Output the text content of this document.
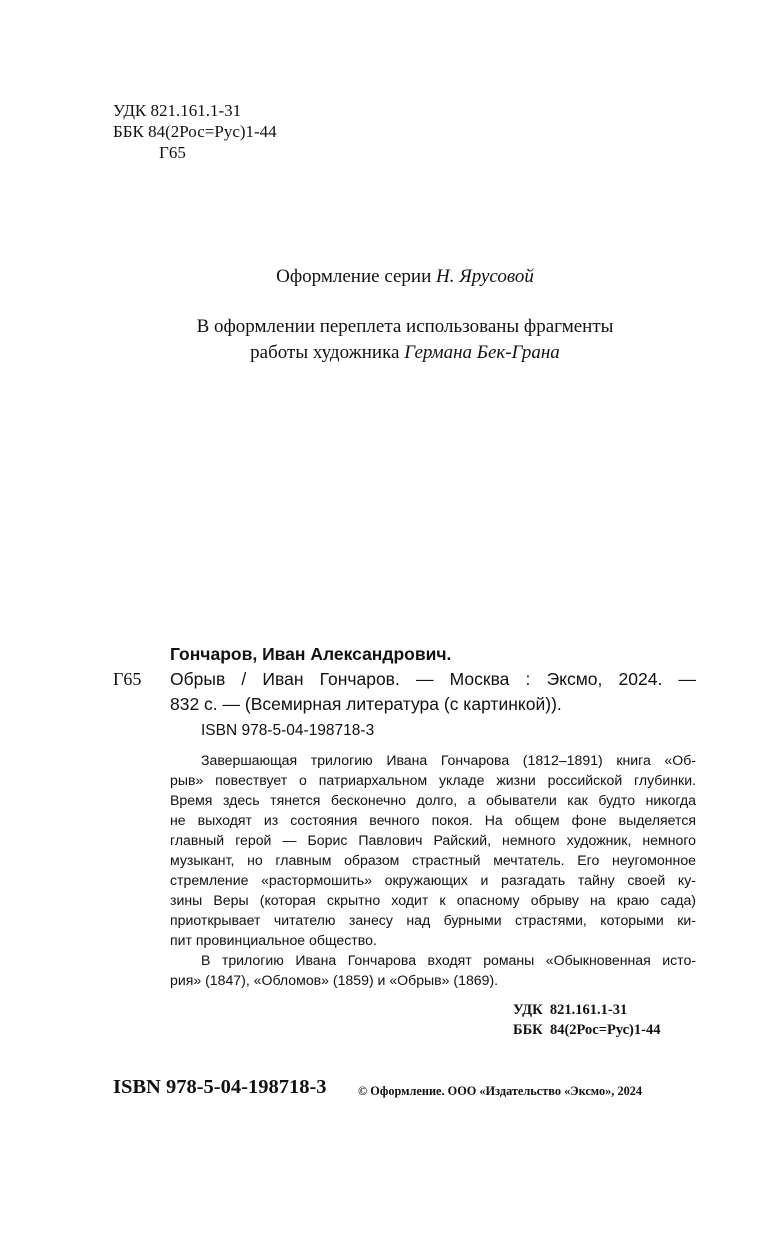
УДК 821.161.1-31
ББК 84(2Рос=Рус)1-44
Г65
Оформление серии Н. Ярусовой
В оформлении переплета использованы фрагменты
работы художника Германа Бек-Грана
Гончаров, Иван Александрович.
Г65 Обрыв / Иван Гончаров. — Москва : Эксмо, 2024. —
832 с. — (Всемирная литература (с картинкой)).
ISBN 978-5-04-198718-3
Завершающая трилогию Ивана Гончарова (1812–1891) книга «Об-
рыв» повествует о патриархальном укладе жизни российской глубинки.
Время здесь тянется бесконечно долго, а обыватели как будто никогда
не выходят из состояния вечного покоя. На общем фоне выделяется
главный герой — Борис Павлович Райский, немного художник, немного
музыкант, но главным образом страстный мечтатель. Его неугомонное
стремление «растормошить» окружающих и разгадать тайну своей ку-
зины Веры (которая скрытно ходит к опасному обрыву на краю сада)
приоткрывает читателю занесу над бурными страстями, которыми ки-
пит провинциальное общество.
В трилогию Ивана Гончарова входят романы «Обыкновенная исто-
рия» (1847), «Обломов» (1859) и «Обрыв» (1869).
УДК 821.161.1-31
ББК 84(2Рос=Рус)1-44
ISBN 978-5-04-198718-3	© Оформление. ООО «Издательство «Эксмо», 2024
